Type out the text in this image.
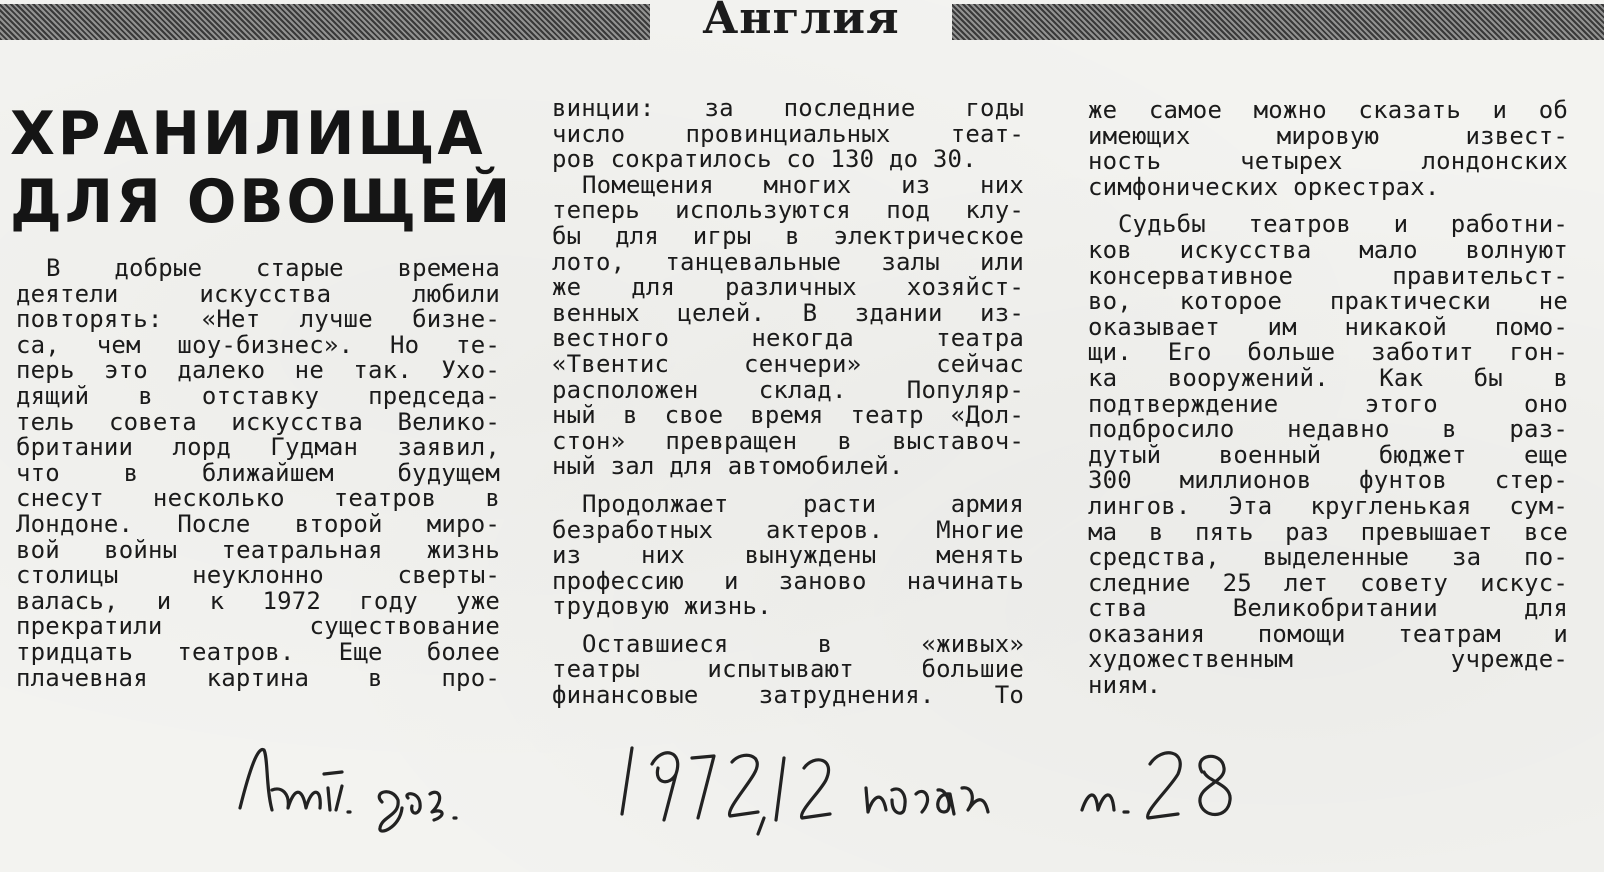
Англия
ХРАНИЛИЩА
ДЛЯ ОВОЩЕЙ
В добрые старые времена
деятели искусства любили
повторять: «Нет лучше бизне-
са, чем шоу-бизнес». Но те-
перь это далеко не так. Ухо-
дящий в отставку председа-
тель совета искусства Велико-
британии лорд Гудман заявил,
что в ближайшем будущем
снесут несколько театров в
Лондоне. После второй миро-
вой войны театральная жизнь
столицы неуклонно сверты-
валась, и к 1972 году уже
прекратили существование
тридцать театров. Еще более
плачевная картина в про-
винции: за последние годы
число провинциальных теат-
ров сократилось со 130 до 30.
Помещения многих из них
теперь используются под клу-
бы для игры в электрическое
лото, танцевальные залы или
же для различных хозяйст-
венных целей. В здании из-
вестного некогда театра
«Твентис сенчери» сейчас
расположен склад. Популяр-
ный в свое время театр «Дол-
стон» превращен в выставоч-
ный зал для автомобилей.
Продолжает расти армия
безработных актеров. Многие
из них вынуждены менять
профессию и заново начинать
трудовую жизнь.
Оставшиеся в «живых»
театры испытывают большие
финансовые затруднения. То
же самое можно сказать и об
имеющих мировую извест-
ность четырех лондонских
симфонических оркестрах.
Судьбы театров и работни-
ков искусства мало волнуют
консервативное правительст-
во, которое практически не
оказывает им никакой помо-
щи. Его больше заботит гон-
ка вооружений. Как бы в
подтверждение этого оно
подбросило недавно в раз-
дутый военный бюджет еще
300 миллионов фунтов стер-
лингов. Эта кругленькая сум-
ма в пять раз превышает все
средства, выделенные за по-
следние 25 лет совету искус-
ства Великобритании для
оказания помощи театрам и
художественным учрежде-
ниям.
